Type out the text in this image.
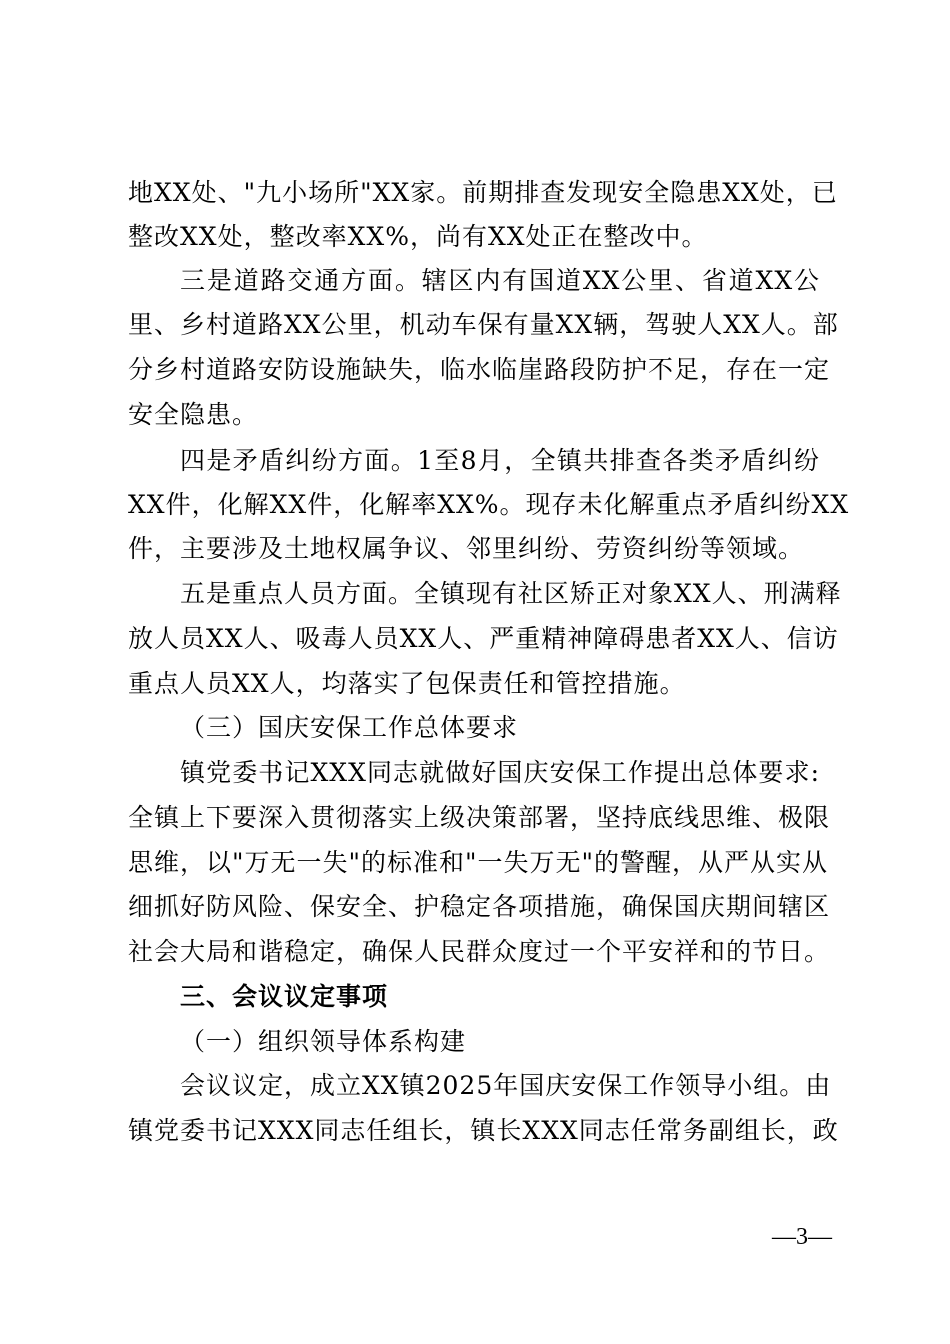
地XX处、"九小场所"XX家。前期排查发现安全隐患XX处，已
整改XX处，整改率XX%，尚有XX处正在整改中。
三是道路交通方面。辖区内有国道XX公里、省道XX公
里、乡村道路XX公里，机动车保有量XX辆，驾驶人XX人。部
分乡村道路安防设施缺失，临水临崖路段防护不足，存在一定
安全隐患。
四是矛盾纠纷方面。1至8月，全镇共排查各类矛盾纠纷
XX件，化解XX件，化解率XX%。现存未化解重点矛盾纠纷XX
件，主要涉及土地权属争议、邻里纠纷、劳资纠纷等领域。
五是重点人员方面。全镇现有社区矫正对象XX人、刑满释
放人员XX人、吸毒人员XX人、严重精神障碍患者XX人、信访
重点人员XX人，均落实了包保责任和管控措施。
（三）国庆安保工作总体要求
镇党委书记XXX同志就做好国庆安保工作提出总体要求:
全镇上下要深入贯彻落实上级决策部署，坚持底线思维、极限
思维，以"万无一失"的标准和"一失万无"的警醒，从严从实从
细抓好防风险、保安全、护稳定各项措施，确保国庆期间辖区
社会大局和谐稳定，确保人民群众度过一个平安祥和的节日。
三、会议议定事项
（一）组织领导体系构建
会议议定，成立XX镇2025年国庆安保工作领导小组。由
镇党委书记XXX同志任组长，镇长XXX同志任常务副组长，政
—3—
